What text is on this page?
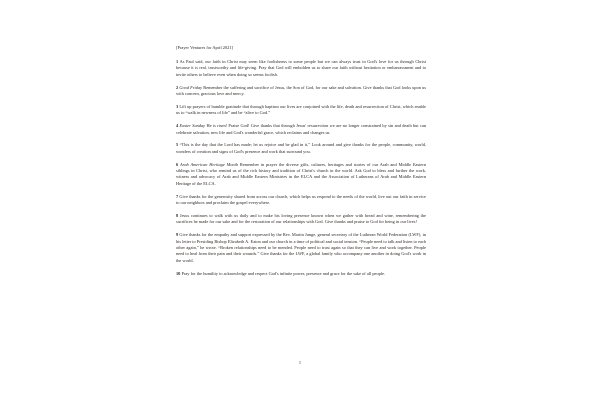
[Prayer Ventures for April 2021]

1 As Paul said, our faith in Christ may seem like foolishness to some people but we can always trust in God's love for us through Christ because it is real, trustworthy and life-giving. Pray that God will embolden us to share our faith without hesitation or embarrassment and to invite others to believe even when doing so seems foolish.

2 Good Friday Remember the suffering and sacrifice of Jesus, the Son of God, for our sake and salvation. Give thanks that God looks upon us with concern, gracious love and mercy.

3 Lift up prayers of humble gratitude that through baptism our lives are conjoined with the life, death and resurrection of Christ, which enable us to “walk in newness of life” and be “alive to God.”

4 Easter Sunday He is risen! Praise God! Give thanks that through Jesus' resurrection we are no longer constrained by sin and death but can celebrate salvation, new life and God's wonderful grace, which reclaims and changes us.

5 “This is the day that the Lord has made; let us rejoice and be glad in it,” Look around and give thanks for the people, community, world, wonders of creation and signs of God's presence and work that surround you.

6 Arab American Heritage Month Remember in prayer the diverse gifts, cultures, heritages and stories of our Arab and Middle Eastern siblings in Christ, who remind us of the rich history and tradition of Christ's church in the world. Ask God to bless and further the work, witness and advocacy of Arab and Middle Eastern Ministries in the ELCA and the Association of Lutherans of Arab and Middle Eastern Heritage of the ELCA.

7 Give thanks for the generosity shared from across our church, which helps us respond to the needs of the world, live out our faith in service to our neighbors and proclaim the gospel everywhere.

8 Jesus continues to walk with us daily and to make his loving presence known when we gather with bread and wine, remembering the sacrifices he made for our sake and for the restoration of our relationships with God. Give thanks and praise to God for being in our lives!

9 Give thanks for the empathy and support expressed by the Rev. Martin Junge, general secretary of the Lutheran World Federation (LWF), in his letter to Presiding Bishop Elizabeth A. Eaton and our church in a time of political and social tension. “People need to talk and listen to each other again,” he wrote. “Broken relationships need to be mended. People need to trust again so that they can live and work together. People need to heal from their pain and their wounds.” Give thanks for the LWF, a global family who accompany one another in doing God's work in the world.

10 Pray for the humility to acknowledge and respect God's infinite power, presence and grace for the sake of all people.

1
